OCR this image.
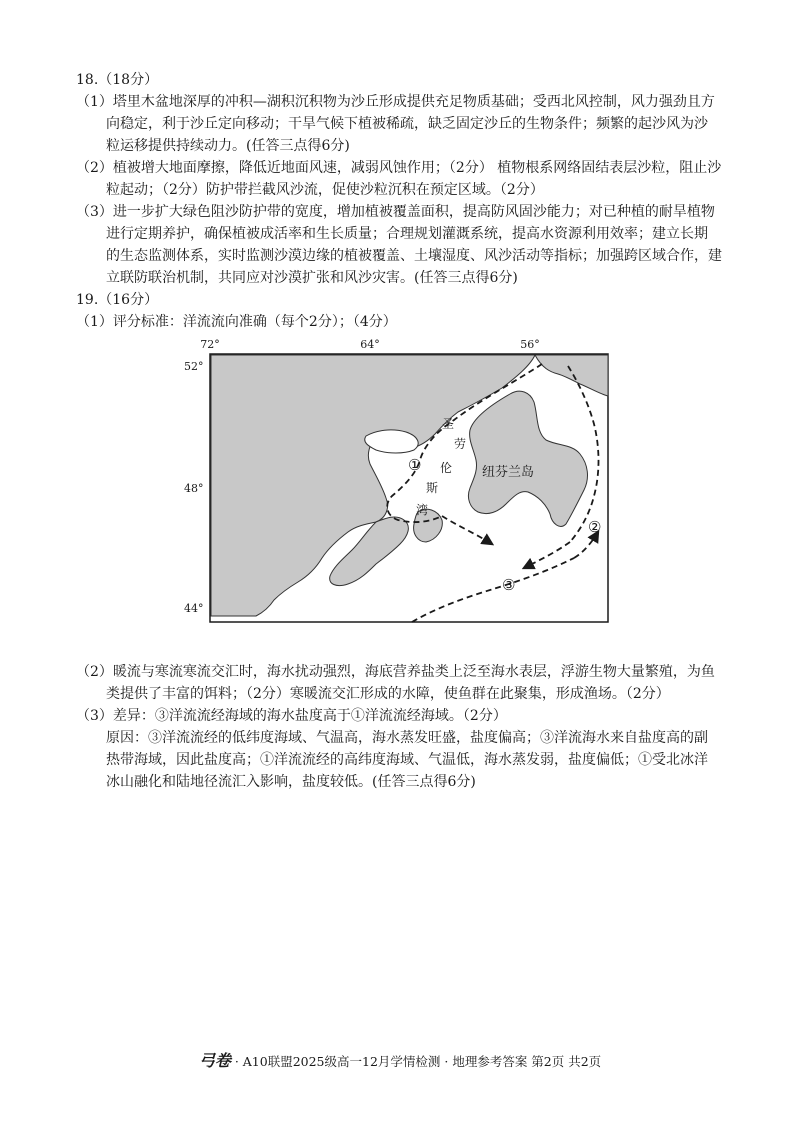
18.（18分）
（1）塔里木盆地深厚的冲积—湖积沉积物为沙丘形成提供充足物质基础；受西北风控制，风力强劲且方
向稳定，利于沙丘定向移动；干旱气候下植被稀疏，缺乏固定沙丘的生物条件；频繁的起沙风为沙
粒运移提供持续动力。(任答三点得6分)
（2）植被增大地面摩擦，降低近地面风速，减弱风蚀作用；（2分） 植物根系网络固结表层沙粒，阻止沙
粒起动；（2分）防护带拦截风沙流，促使沙粒沉积在预定区域。（2分）
（3）进一步扩大绿色阻沙防护带的宽度，增加植被覆盖面积，提高防风固沙能力；对已种植的耐旱植物
进行定期养护，确保植被成活率和生长质量；合理规划灌溉系统，提高水资源利用效率；建立长期
的生态监测体系，实时监测沙漠边缘的植被覆盖、土壤湿度、风沙活动等指标；加强跨区域合作，建
立联防联治机制，共同应对沙漠扩张和风沙灾害。(任答三点得6分)
19.（16分）
（1）评分标准：洋流流向准确（每个2分）；（4分）
72°	64°	56°
52°
48°
44°
圣
劳
伦
斯
湾
纽芬兰岛
①
②
③
（2）暖流与寒流寒流交汇时，海水扰动强烈，海底营养盐类上泛至海水表层，浮游生物大量繁殖，为鱼
类提供了丰富的饵料；（2分）寒暖流交汇形成的水障，使鱼群在此聚集，形成渔场。（2分）
（3）差异：③洋流流经海域的海水盐度高于①洋流流经海域。（2分）
原因：③洋流流经的低纬度海域、气温高，海水蒸发旺盛，盐度偏高；③洋流海水来自盐度高的副
热带海域，因此盐度高；①洋流流经的高纬度海域、气温低，海水蒸发弱，盐度偏低；①受北冰洋
冰山融化和陆地径流汇入影响，盐度较低。(任答三点得6分)
弓卷 · A10联盟2025级高一12月学情检测 · 地理参考答案 第2页 共2页
